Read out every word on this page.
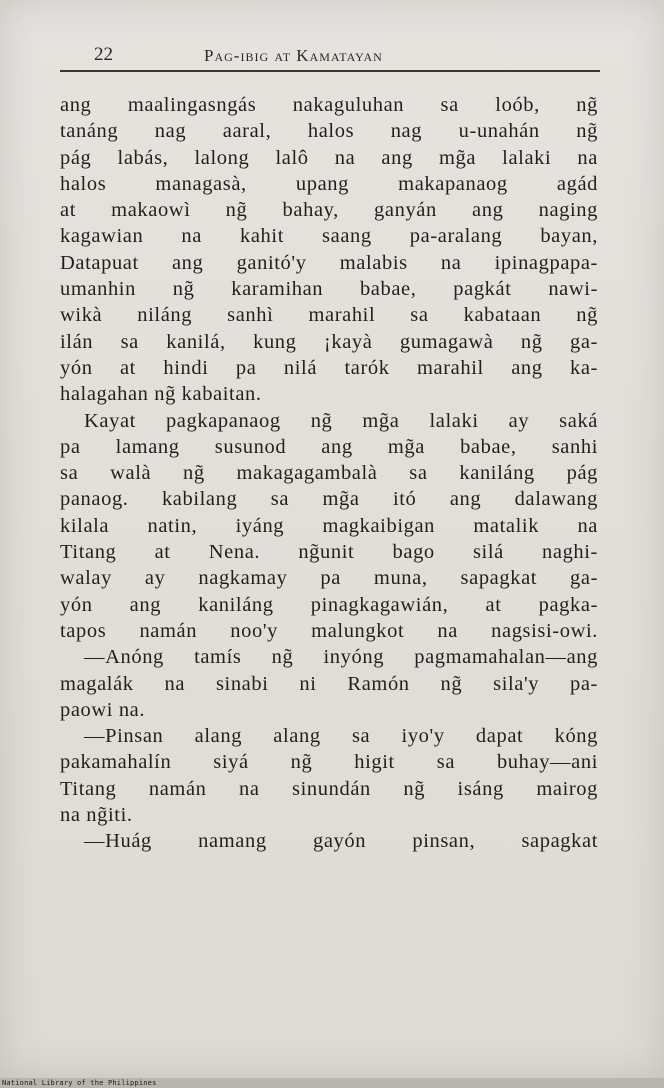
22	Pag-ibig at Kamatayan
ang maalingasngás nakaguluhan sa loób, ng̃
tanáng nag aaral, halos nag u-unahán ng̃
pág labás, lalong lalô na ang mg̃a lalaki na
halos managasà, upang makapanaog agád
at makaowì ng̃ bahay, ganyán ang naging
kagawian na kahit saang pa-aralang bayan,
Datapuat ang ganitó'y malabis na ipinagpapa-
umanhin ng̃ karamihan babae, pagkát nawi-
wikà niláng sanhì marahil sa kabataan ng̃
ilán sa kanilá, kung ¡kayà gumagawà ng̃ ga-
yón at hindi pa nilá tarók marahil ang ka-
halagahan ng̃ kabaitan.
Kayat pagkapanaog ng̃ mg̃a lalaki ay saká
pa lamang susunod ang mg̃a babae, sanhi
sa walà ng̃ makagagambalà sa kaniláng pág
panaog. kabilang sa mg̃a itó ang dalawang
kilala natin, iyáng magkaibigan matalik na
Titang at Nena. ng̃unit bago silá naghi-
walay ay nagkamay pa muna, sapagkat ga-
yón ang kaniláng pinagkagawián, at pagka-
tapos namán noo'y malungkot na nagsisi-owi.
—Anóng tamís ng̃ inyóng pagmamahalan—ang
magalák na sinabi ni Ramón ng̃ sila'y pa-
paowi na.
—Pinsan alang alang sa iyo'y dapat kóng
pakamahalín siyá ng̃ higit sa buhay—ani
Titang namán na sinundán ng̃ isáng mairog
na ng̃iti.
—Huág namang gayón pinsan, sapagkat
National Library of the Philippines
